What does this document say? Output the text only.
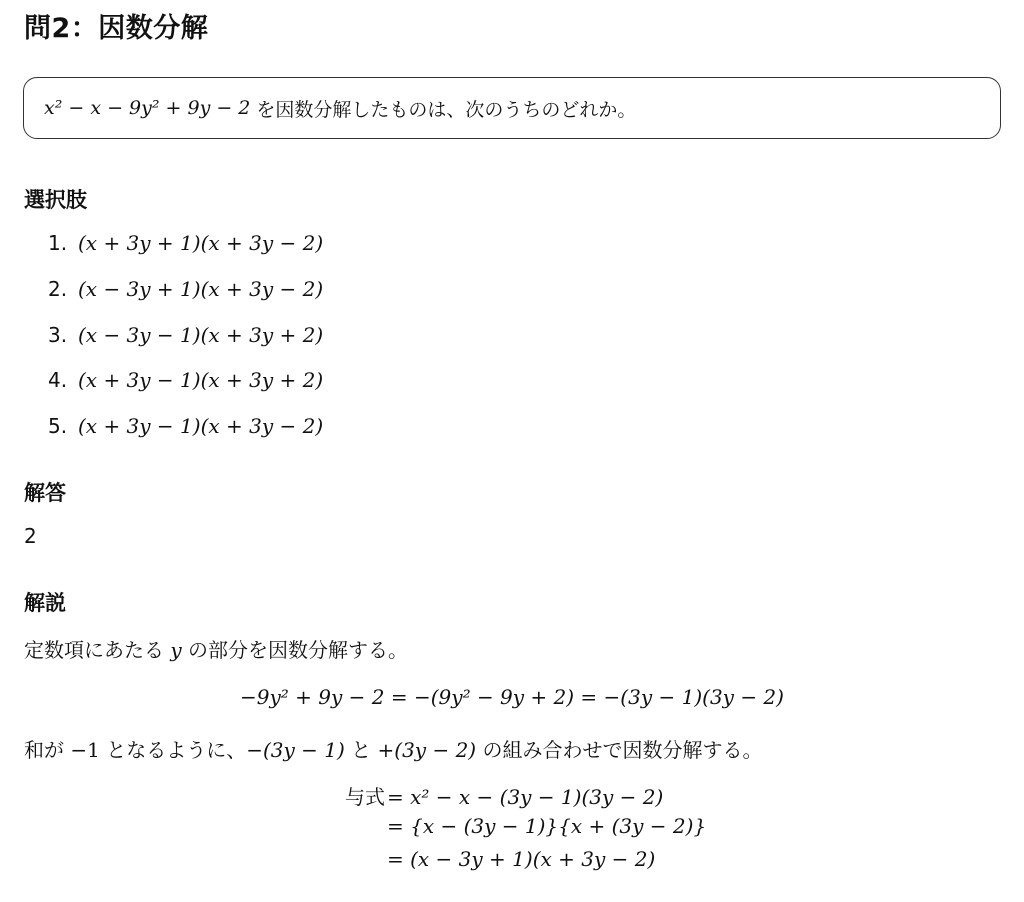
問2：因数分解
x² − x − 9y² + 9y − 2 を因数分解したものは、次のうちのどれか。
選択肢
1. (x + 3y + 1)(x + 3y − 2)
2. (x − 3y + 1)(x + 3y − 2)
3. (x − 3y − 1)(x + 3y + 2)
4. (x + 3y − 1)(x + 3y + 2)
5. (x + 3y − 1)(x + 3y − 2)
解答
2
解説
定数項にあたる y の部分を因数分解する。
−9y² + 9y − 2 = −(9y² − 9y + 2) = −(3y − 1)(3y − 2)
和が −1 となるように、−(3y − 1) と +(3y − 2) の組み合わせで因数分解する。
与式 = x² − x − (3y − 1)(3y − 2)
= {x − (3y − 1)}{x + (3y − 2)}
= (x − 3y + 1)(x + 3y − 2)
